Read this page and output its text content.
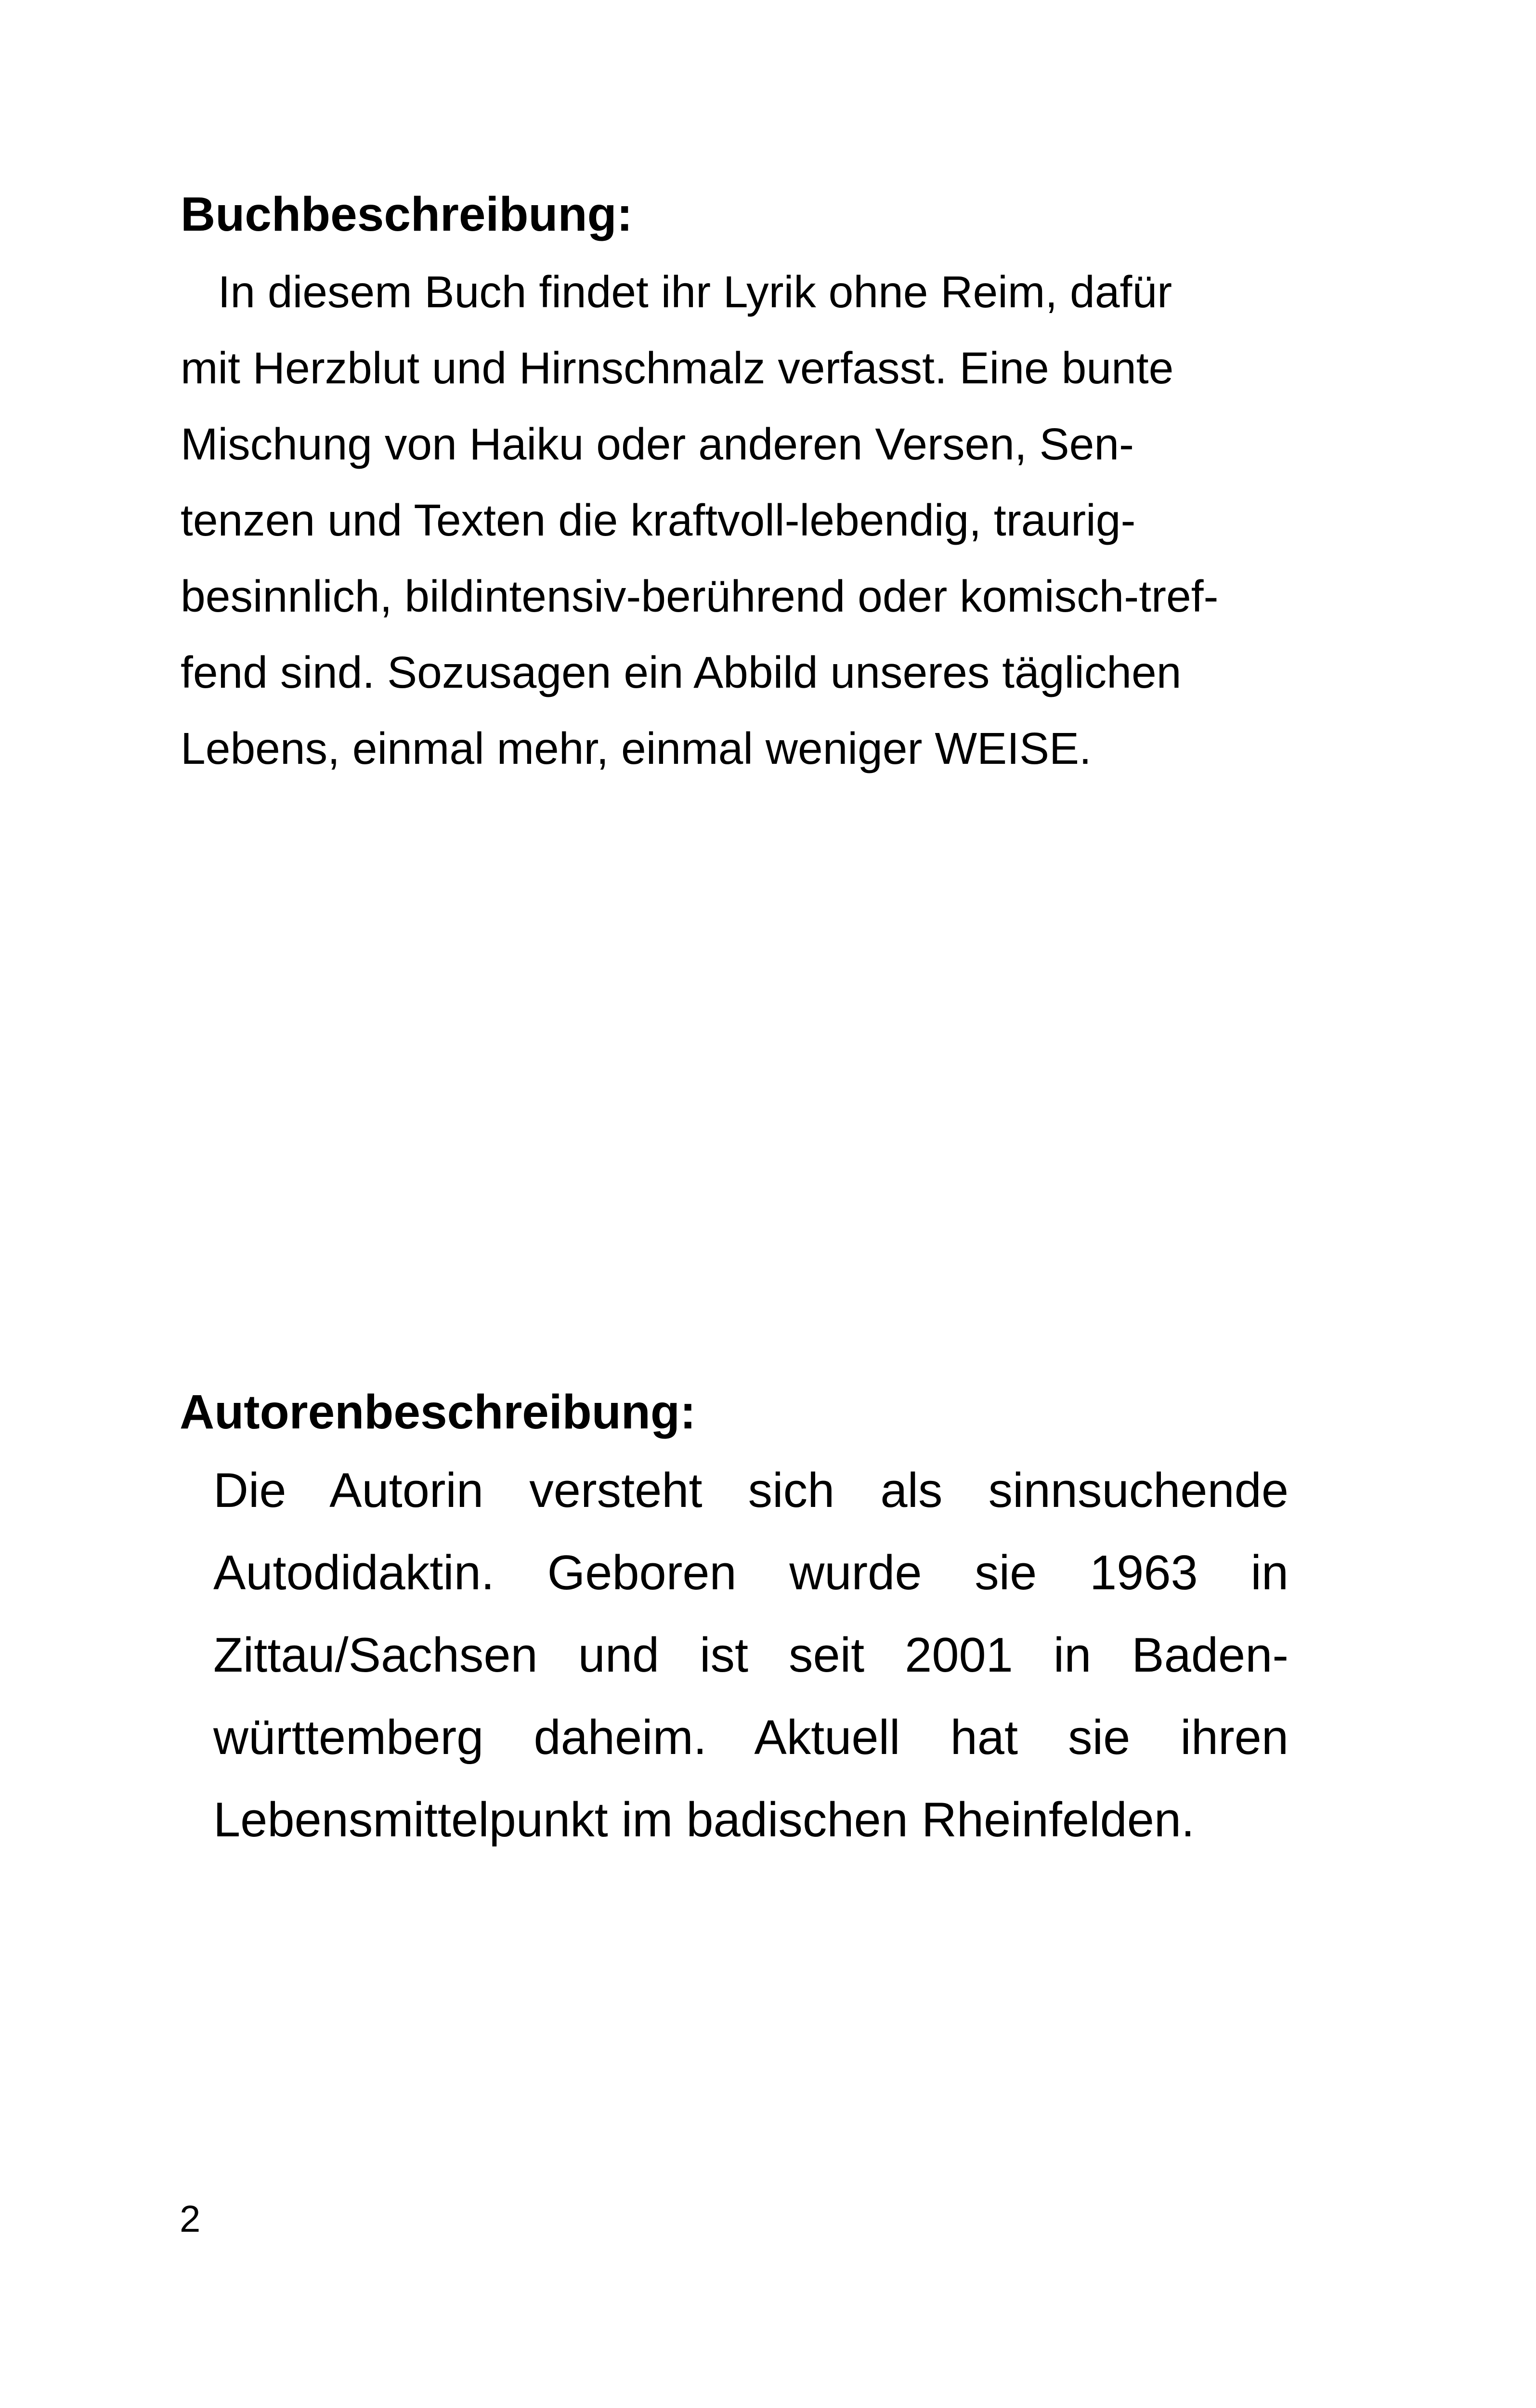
Buchbeschreibung:

In diesem Buch findet ihr Lyrik ohne Reim, dafür

mit Herzblut und Hirnschmalz verfasst. Eine bunte

Mischung von Haiku oder anderen Versen, Sen-

tenzen und Texten die kraftvoll-lebendig, traurig-

besinnlich, bildintensiv-berührend oder komisch-tref-

fend sind. Sozusagen ein Abbild unseres täglichen

Lebens, einmal mehr, einmal weniger WEISE.

Autorenbeschreibung:

Die Autorin versteht sich als sinnsuchende

Autodidaktin. Geboren wurde sie 1963 in

Zittau/Sachsen und ist seit 2001 in Baden-

württemberg daheim. Aktuell hat sie ihren

Lebensmittelpunkt im badischen Rheinfelden.

2
